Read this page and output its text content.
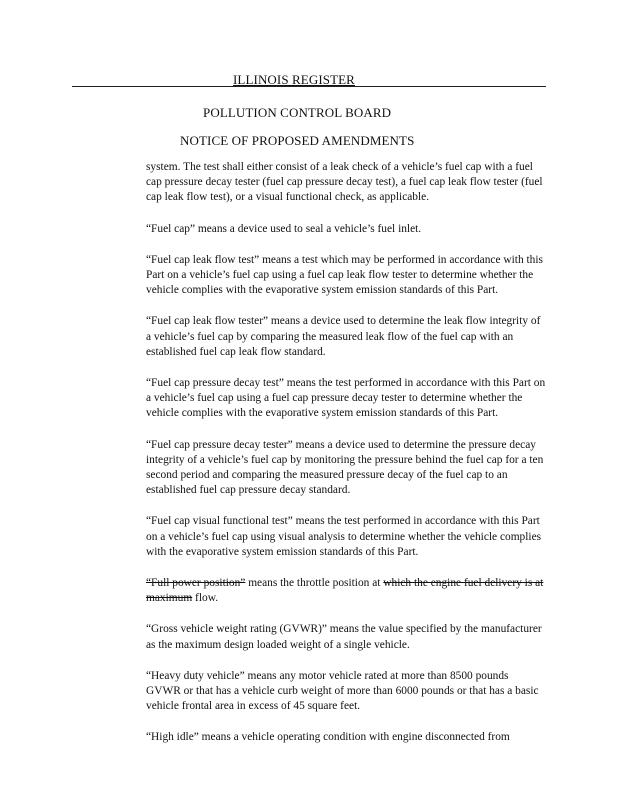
ILLINOIS REGISTER
POLLUTION CONTROL BOARD
NOTICE OF PROPOSED AMENDMENTS

system. The test shall either consist of a leak check of a vehicle’s fuel cap with a fuel cap pressure decay tester (fuel cap pressure decay test), a fuel cap leak flow tester (fuel cap leak flow test), or a visual functional check, as applicable.

“Fuel cap” means a device used to seal a vehicle’s fuel inlet.

“Fuel cap leak flow test” means a test which may be performed in accordance with this Part on a vehicle’s fuel cap using a fuel cap leak flow tester to determine whether the vehicle complies with the evaporative system emission standards of this Part.

“Fuel cap leak flow tester” means a device used to determine the leak flow integrity of a vehicle’s fuel cap by comparing the measured leak flow of the fuel cap with an established fuel cap leak flow standard.

“Fuel cap pressure decay test” means the test performed in accordance with this Part on a vehicle’s fuel cap using a fuel cap pressure decay tester to determine whether the vehicle complies with the evaporative system emission standards of this Part.

“Fuel cap pressure decay tester” means a device used to determine the pressure decay integrity of a vehicle’s fuel cap by monitoring the pressure behind the fuel cap for a ten second period and comparing the measured pressure decay of the fuel cap to an established fuel cap pressure decay standard.

“Fuel cap visual functional test” means the test performed in accordance with this Part on a vehicle’s fuel cap using visual analysis to determine whether the vehicle complies with the evaporative system emission standards of this Part.

“Full power position” means the throttle position at which the engine fuel delivery is at maximum flow.

“Gross vehicle weight rating (GVWR)” means the value specified by the manufacturer as the maximum design loaded weight of a single vehicle.

“Heavy duty vehicle” means any motor vehicle rated at more than 8500 pounds GVWR or that has a vehicle curb weight of more than 6000 pounds or that has a basic vehicle frontal area in excess of 45 square feet.

“High idle” means a vehicle operating condition with engine disconnected from
